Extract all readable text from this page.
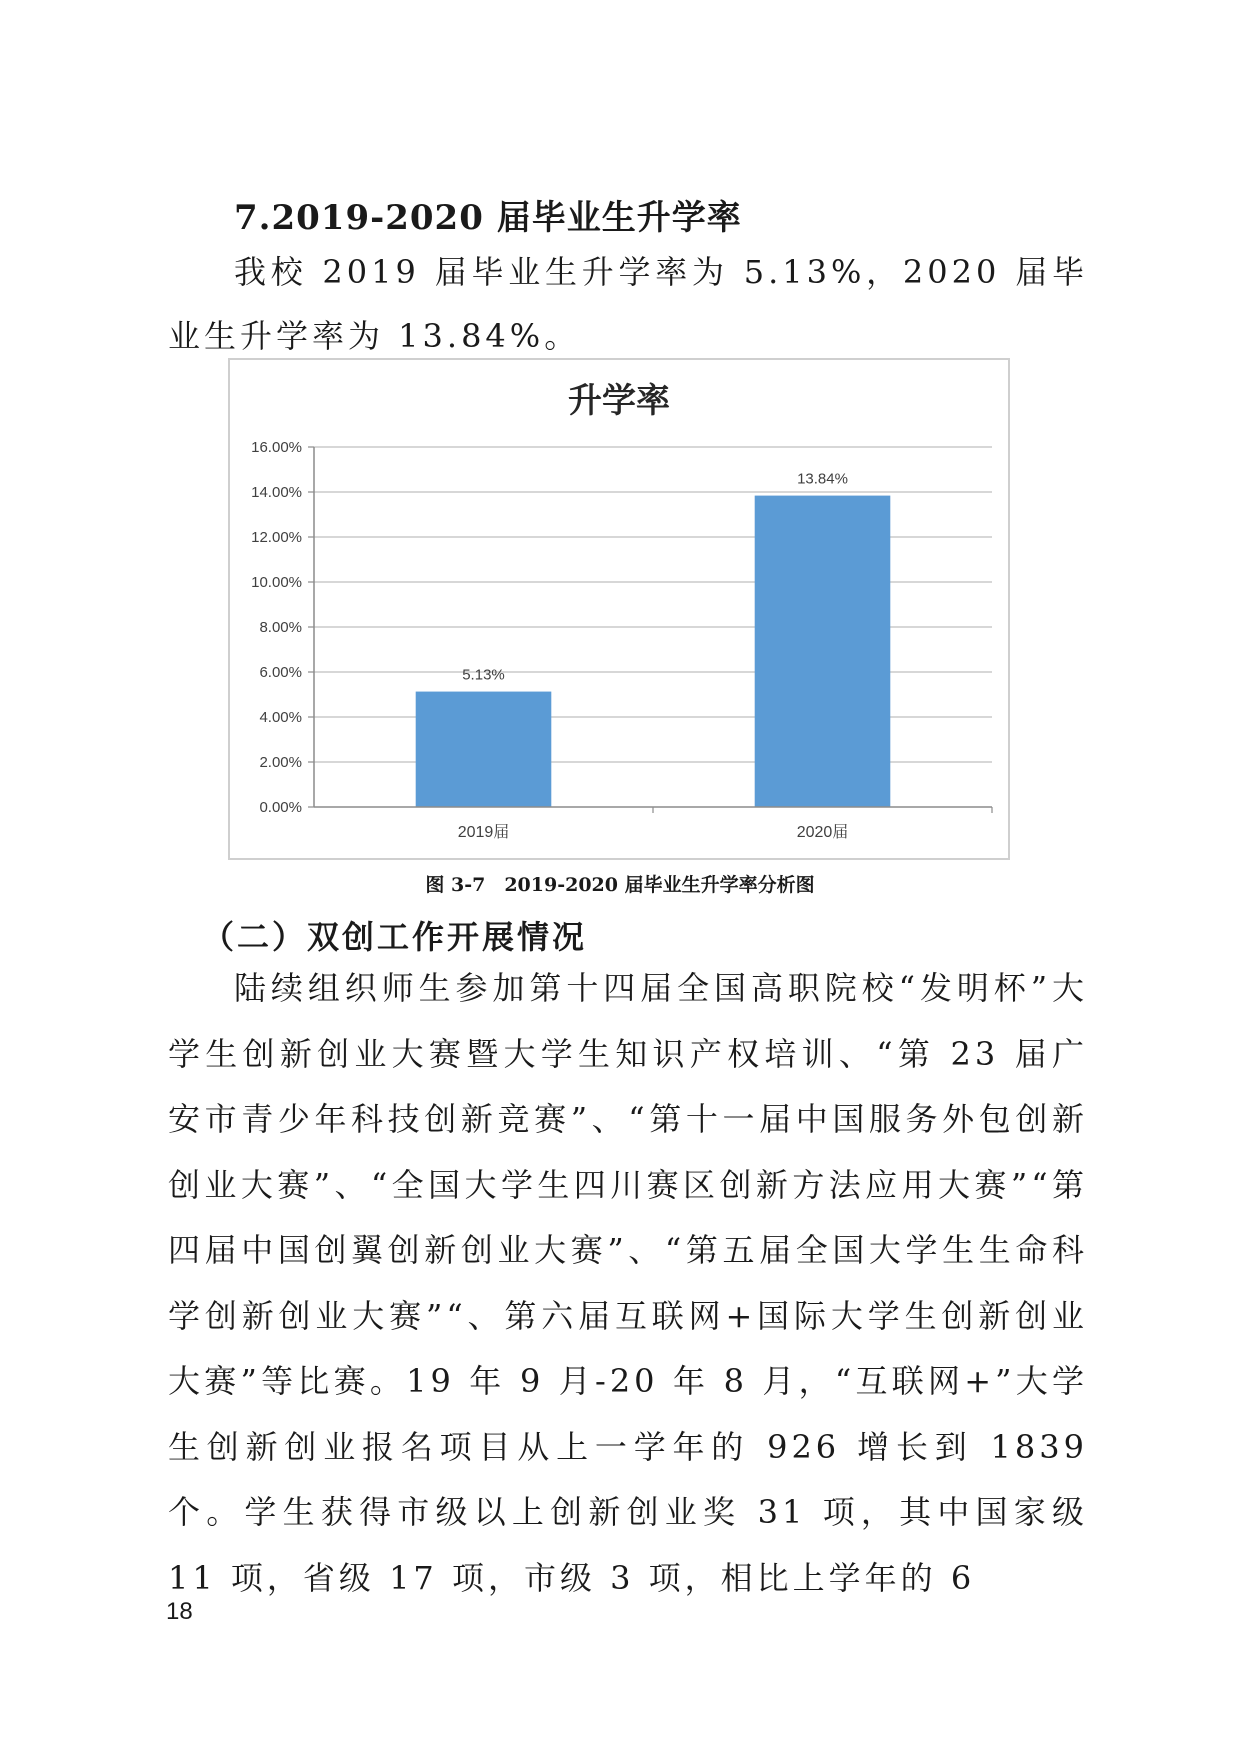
7.2019-2020 届毕业生升学率

我校 2019 届毕业生升学率为 5.13%，2020 届毕业生升学率为 13.84%。

升学率
0.00%
2.00%
4.00%
6.00%
8.00%
10.00%
12.00%
14.00%
16.00%
5.13%
13.84%
2019届	2020届

图 3-7　2019-2020 届毕业生升学率分析图

（二）双创工作开展情况

陆续组织师生参加第十四届全国高职院校“发明杯”大学生创新创业大赛暨大学生知识产权培训、“第 23 届广安市青少年科技创新竞赛”、“第十一届中国服务外包创新创业大赛”、“全国大学生四川赛区创新方法应用大赛”“第四届中国创翼创新创业大赛”、“第五届全国大学生生命科学创新创业大赛”“、第六届互联网+国际大学生创新创业大赛”等比赛。19 年 9 月-20 年 8 月，“互联网+”大学生创新创业报名项目从上一学年的 926 增长到 1839 个。学生获得市级以上创新创业奖 31 项，其中国家级 11 项，省级 17 项，市级 3 项，相比上学年的 6

18
